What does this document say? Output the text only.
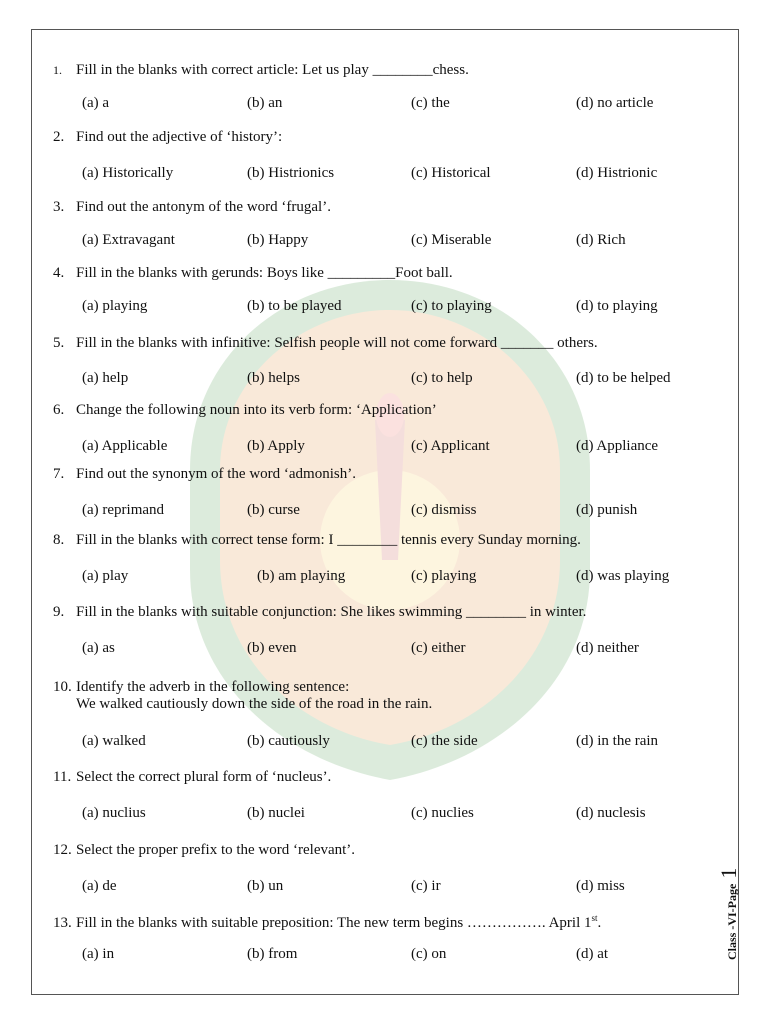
1. Fill in the blanks with correct article: Let us play ________chess.
(a) a	(b) an	(c) the	(d) no article
2. Find out the adjective of ‘history’:
(a) Historically	(b) Histrionics	(c) Historical	(d) Histrionic
3. Find out the antonym of the word ‘frugal’.
(a) Extravagant	(b) Happy	(c) Miserable	(d) Rich
4. Fill in the blanks with gerunds: Boys like _________Foot ball.
(a) playing	(b) to be played	(c) to playing	(d) to playing
5. Fill in the blanks with infinitive: Selfish people will not come forward _______ others.
(a) help	(b) helps	(c) to help	(d) to be helped
6. Change the following noun into its verb form: ‘Application’
(a) Applicable	(b) Apply	(c) Applicant	(d) Appliance
7. Find out the synonym of the word ‘admonish’.
(a) reprimand	(b) curse	(c) dismiss	(d) punish
8. Fill in the blanks with correct tense form: I ________ tennis every Sunday morning.
(a) play	(b) am playing	(c) playing	(d) was playing
9. Fill in the blanks with suitable conjunction: She likes swimming ________ in winter.
(a) as	(b) even	(c) either	(d) neither
10. Identify the adverb in the following sentence:
We walked cautiously down the side of the road in the rain.
(a) walked	(b) cautiously	(c) the side	(d) in the rain
11. Select the correct plural form of ‘nucleus’.
(a) nuclius	(b) nuclei	(c) nuclies	(d) nuclesis
12. Select the proper prefix to the word ‘relevant’.
(a) de	(b) un	(c) ir	(d) miss
13. Fill in the blanks with suitable preposition: The new term begins ……………. April 1st.
(a) in	(b) from	(c) on	(d) at	Class -VI-Page 1
